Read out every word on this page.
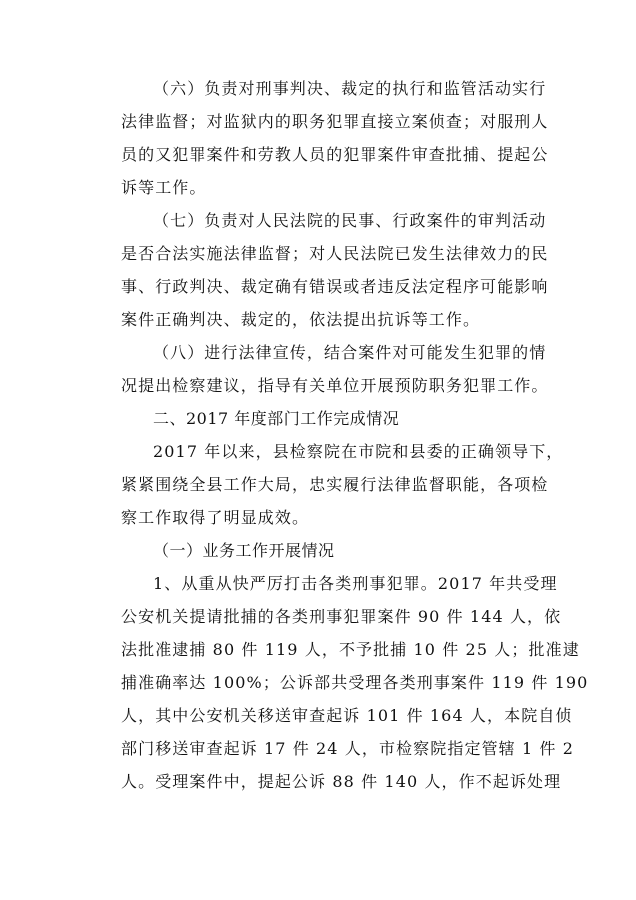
（六）负责对刑事判决、裁定的执行和监管活动实行
法律监督；对监狱内的职务犯罪直接立案侦查；对服刑人
员的又犯罪案件和劳教人员的犯罪案件审查批捕、提起公
诉等工作。
（七）负责对人民法院的民事、行政案件的审判活动
是否合法实施法律监督；对人民法院已发生法律效力的民
事、行政判决、裁定确有错误或者违反法定程序可能影响
案件正确判决、裁定的，依法提出抗诉等工作。
（八）进行法律宣传，结合案件对可能发生犯罪的情
况提出检察建议，指导有关单位开展预防职务犯罪工作。
二、2017 年度部门工作完成情况
2017 年以来，县检察院在市院和县委的正确领导下，
紧紧围绕全县工作大局，忠实履行法律监督职能，各项检
察工作取得了明显成效。
（一）业务工作开展情况
1、从重从快严厉打击各类刑事犯罪。2017 年共受理
公安机关提请批捕的各类刑事犯罪案件 90 件 144 人，依
法批准逮捕 80 件 119 人，不予批捕 10 件 25 人；批准逮
捕准确率达 100%；公诉部共受理各类刑事案件 119 件 190
人，其中公安机关移送审查起诉 101 件 164 人，本院自侦
部门移送审查起诉 17 件 24 人，市检察院指定管辖 1 件 2
人。受理案件中，提起公诉 88 件 140 人，作不起诉处理
